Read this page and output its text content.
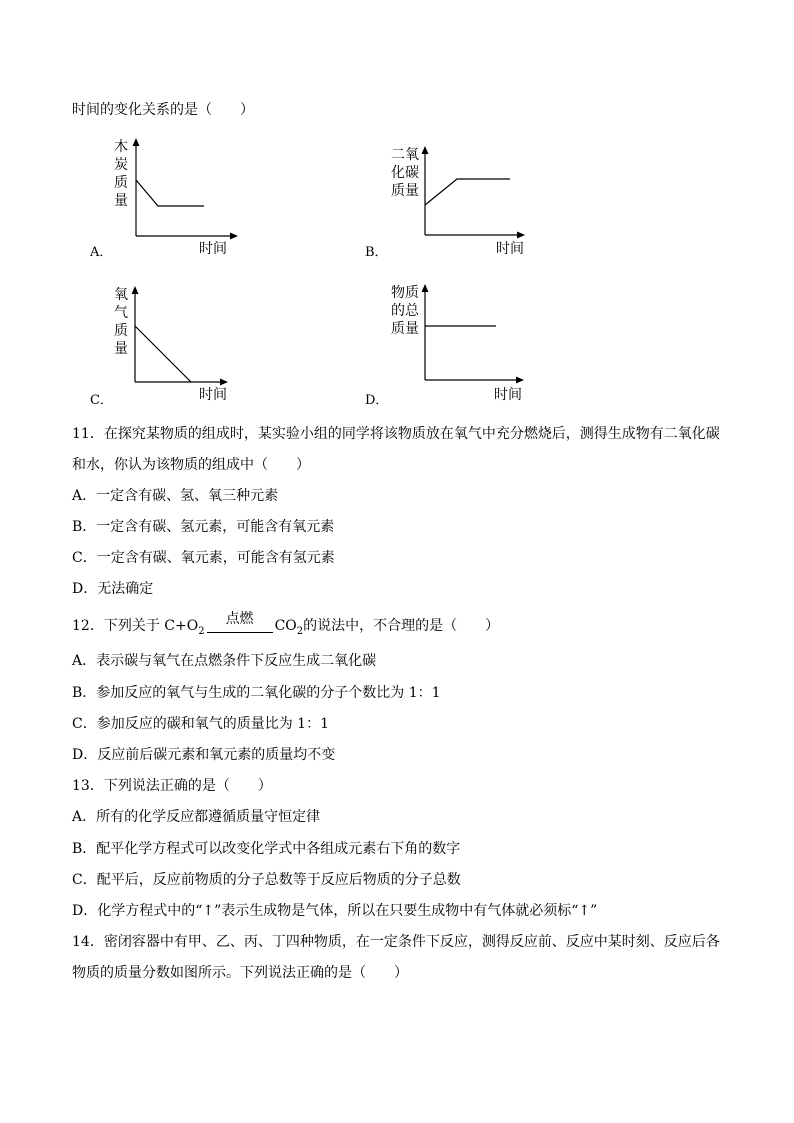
时间的变化关系的是（　　）
木
炭
质
量
时间
A．
二氧
化碳
质量
时间
B．
氧
气
质
量
时间
C．
物质
的总
质量
时间
D．
11．在探究某物质的组成时，某实验小组的同学将该物质放在氧气中充分燃烧后，测得生成物有二氧化碳
和水，你认为该物质的组成中（　　）
A．一定含有碳、氢、氧三种元素
B．一定含有碳、氢元素，可能含有氧元素
C．一定含有碳、氧元素，可能含有氢元素
D．无法确定
12．下列关于 $C+O_2$
点燃	$CO_2$的说法中，不合理的是（　　）
A．表示碳与氧气在点燃条件下反应生成二氧化碳
B．参加反应的氧气与生成的二氧化碳的分子个数比为 1：1
C．参加反应的碳和氧气的质量比为 1：1
D．反应前后碳元素和氧元素的质量均不变
13．下列说法正确的是（　　）
A．所有的化学反应都遵循质量守恒定律
B．配平化学方程式可以改变化学式中各组成元素右下角的数字
C．配平后，反应前物质的分子总数等于反应后物质的分子总数
D．化学方程式中的“↑”表示生成物是气体，所以在只要生成物中有气体就必须标“↑”
14．密闭容器中有甲、乙、丙、丁四种物质，在一定条件下反应，测得反应前、反应中某时刻、反应后各
物质的质量分数如图所示。下列说法正确的是（　　）
